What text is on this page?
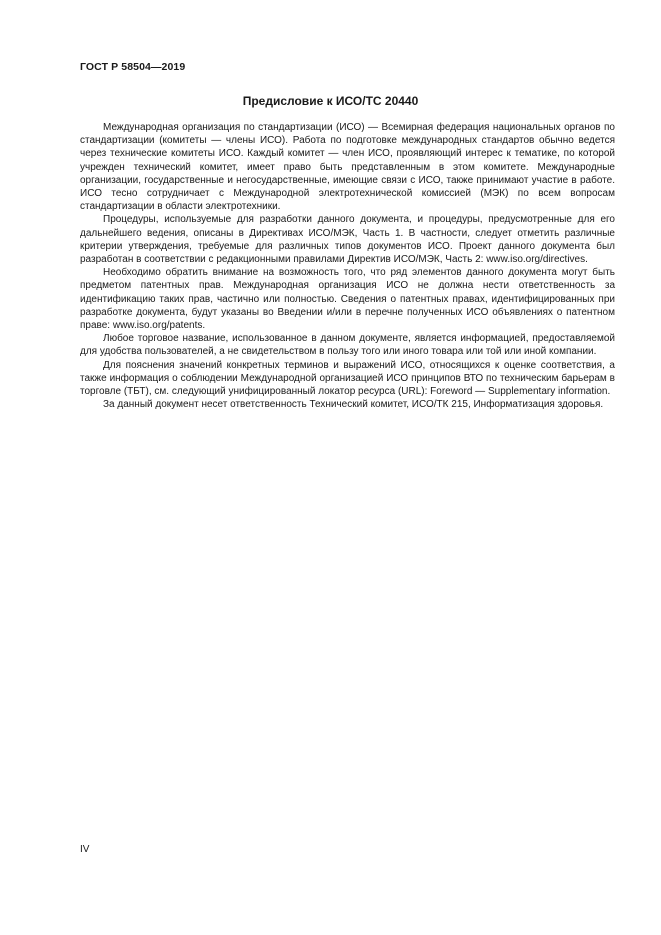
ГОСТ Р 58504—2019
Предисловие к ИСО/ТС 20440

Международная организация по стандартизации (ИСО) — Всемирная федерация национальных органов по стандартизации (комитеты — члены ИСО). Работа по подготовке международных стандартов обычно ведется через технические комитеты ИСО. Каждый комитет — член ИСО, проявляющий интерес к тематике, по которой учрежден технический комитет, имеет право быть представленным в этом комитете. Международные организации, государственные и негосударственные, имеющие связи с ИСО, также принимают участие в работе. ИСО тесно сотрудничает с Международной электротехнической комиссией (МЭК) по всем вопросам стандартизации в области электротехники.

Процедуры, используемые для разработки данного документа, и процедуры, предусмотренные для его дальнейшего ведения, описаны в Директивах ИСО/МЭК, Часть 1. В частности, следует отметить различные критерии утверждения, требуемые для различных типов документов ИСО. Проект данного документа был разработан в соответствии с редакционными правилами Директив ИСО/МЭК, Часть 2: www.iso.org/directives.

Необходимо обратить внимание на возможность того, что ряд элементов данного документа могут быть предметом патентных прав. Международная организация ИСО не должна нести ответственность за идентификацию таких прав, частично или полностью. Сведения о патентных правах, идентифицированных при разработке документа, будут указаны во Введении и/или в перечне полученных ИСО объявлениях о патентном праве: www.iso.org/patents.

Любое торговое название, использованное в данном документе, является информацией, предоставляемой для удобства пользователей, а не свидетельством в пользу того или иного товара или той или иной компании.

Для пояснения значений конкретных терминов и выражений ИСО, относящихся к оценке соответствия, а также информация о соблюдении Международной организацией ИСО принципов ВТО по техническим барьерам в торговле (ТБТ), см. следующий унифицированный локатор ресурса (URL): Foreword — Supplementary information.

За данный документ несет ответственность Технический комитет, ИСО/ТК 215, Информатизация здоровья.

IV
